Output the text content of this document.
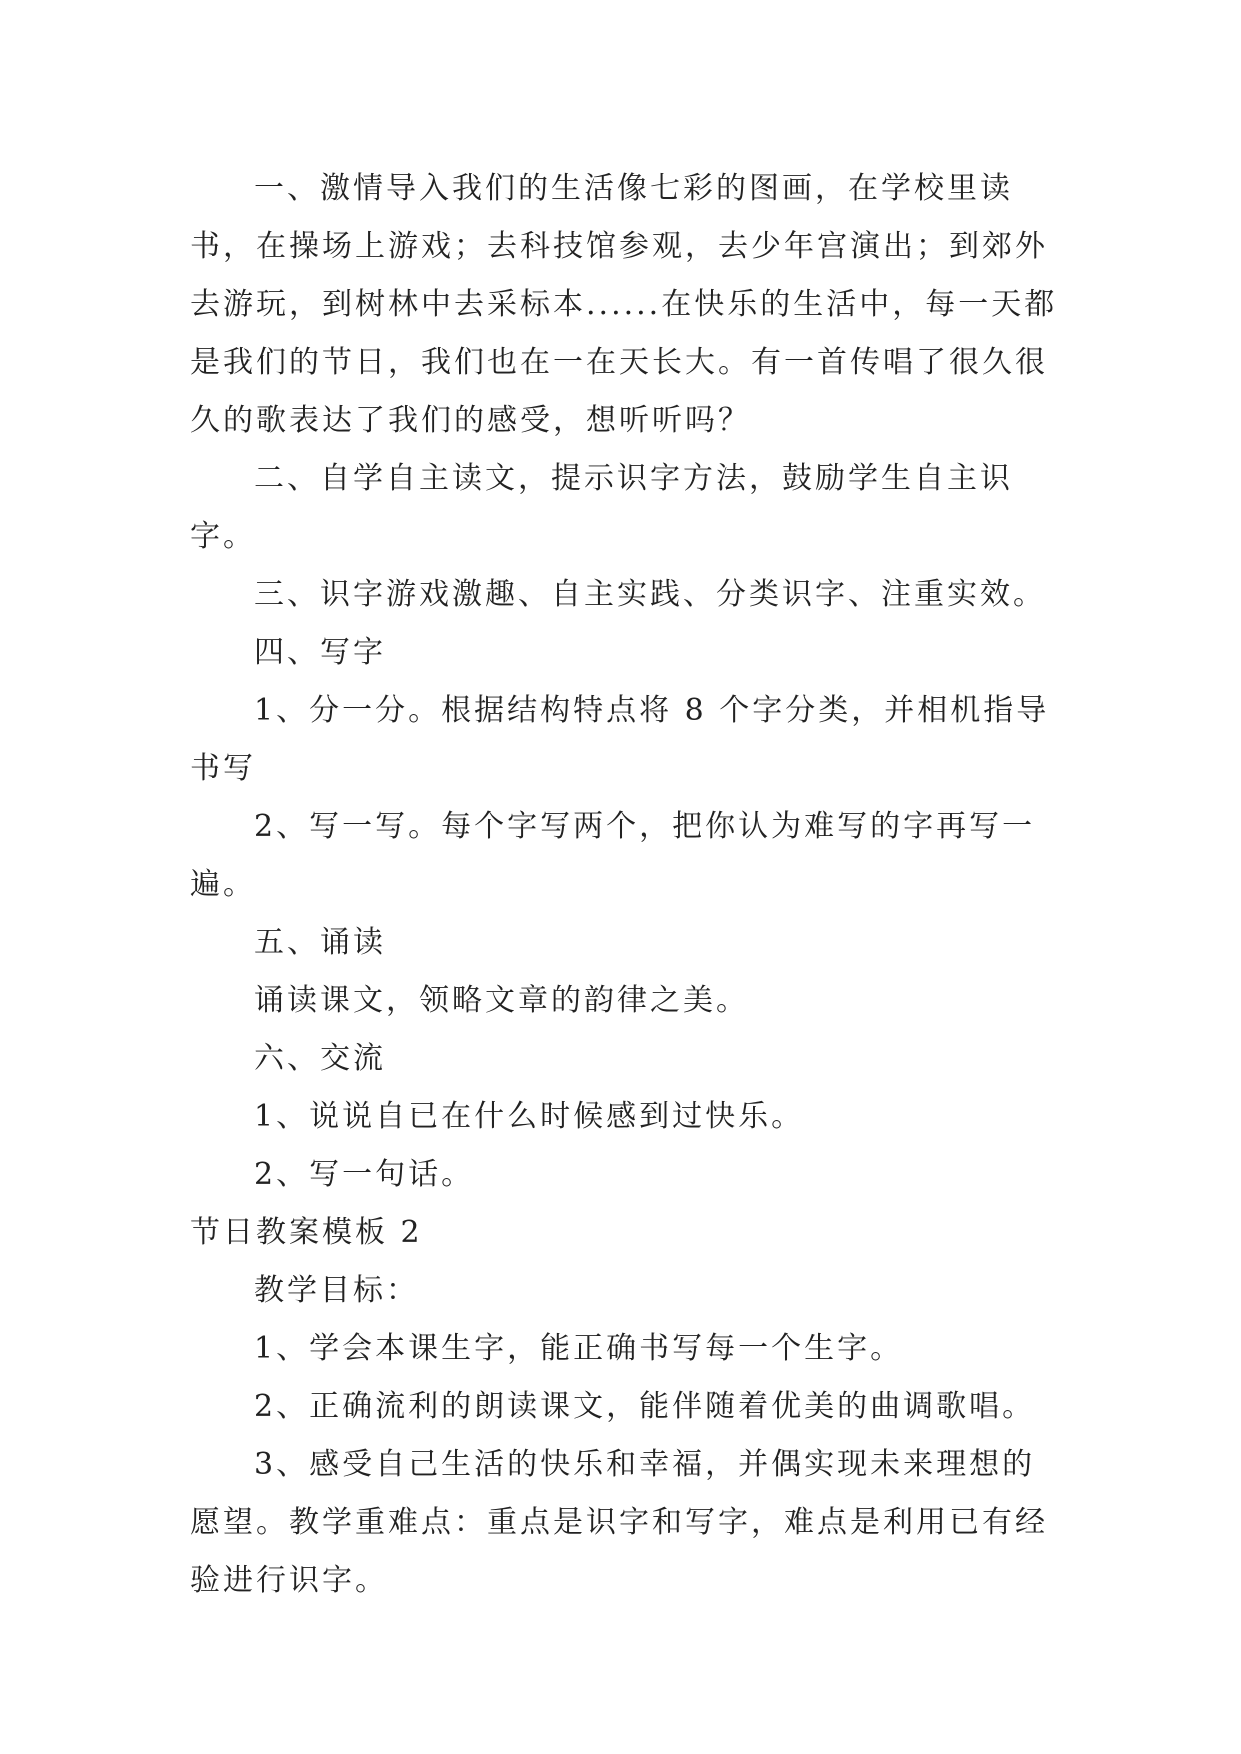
一、激情导入我们的生活像七彩的图画，在学校里读书，在操场上游戏；去科技馆参观，去少年宫演出；到郊外去游玩，到树林中去采标本......在快乐的生活中，每一天都是我们的节日，我们也在一在天长大。有一首传唱了很久很久的歌表达了我们的感受，想听听吗？

二、自学自主读文，提示识字方法，鼓励学生自主识字。

三、识字游戏激趣、自主实践、分类识字、注重实效。

四、写字

1、分一分。根据结构特点将 8 个字分类，并相机指导书写

2、写一写。每个字写两个，把你认为难写的字再写一遍。

五、诵读

诵读课文，领略文章的韵律之美。

六、交流

1、说说自已在什么时候感到过快乐。

2、写一句话。

节日教案模板 2

教学目标：

1、学会本课生字，能正确书写每一个生字。

2、正确流利的朗读课文，能伴随着优美的曲调歌唱。

3、感受自己生活的快乐和幸福，并偶实现未来理想的愿望。教学重难点：重点是识字和写字，难点是利用已有经验进行识字。
